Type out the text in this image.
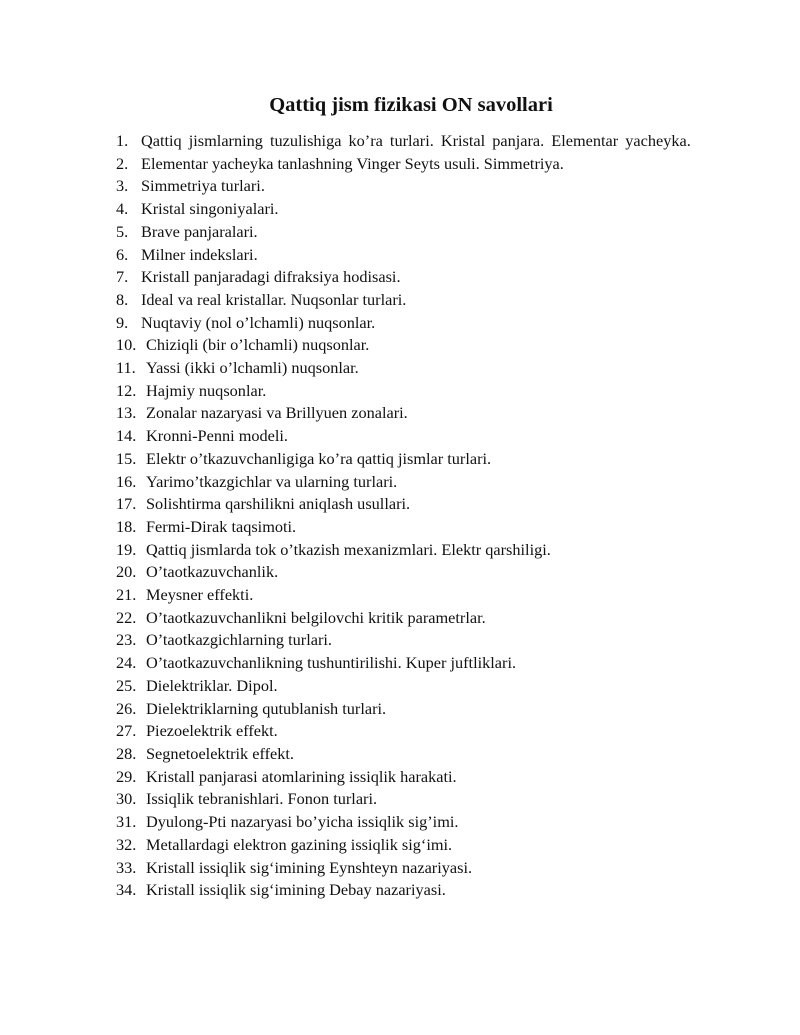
Qattiq jism fizikasi ON savollari
1. Qattiq jismlarning tuzulishiga ko’ra turlari. Kristal panjara. Elementar yacheyka.
2. Elementar yacheyka tanlashning Vinger Seyts usuli. Simmetriya.
3. Simmetriya turlari.
4. Kristal singoniyalari.
5. Brave panjaralari.
6. Milner indekslari.
7. Kristall panjaradagi difraksiya hodisasi.
8. Ideal va real kristallar. Nuqsonlar turlari.
9. Nuqtaviy (nol o’lchamli) nuqsonlar.
10. Chiziqli (bir o’lchamli) nuqsonlar.
11. Yassi (ikki o’lchamli) nuqsonlar.
12. Hajmiy nuqsonlar.
13. Zonalar nazaryasi va Brillyuen zonalari.
14. Kronni-Penni modeli.
15. Elektr o’tkazuvchanligiga ko’ra qattiq jismlar turlari.
16. Yarimo’tkazgichlar va ularning turlari.
17. Solishtirma qarshilikni aniqlash usullari.
18. Fermi-Dirak taqsimoti.
19. Qattiq jismlarda tok o’tkazish mexanizmlari. Elektr qarshiligi.
20. O’taotkazuvchanlik.
21. Meysner effekti.
22. O’taotkazuvchanlikni belgilovchi kritik parametrlar.
23. O’taotkazgichlarning turlari.
24. O’taotkazuvchanlikning tushuntirilishi. Kuper juftliklari.
25. Dielektriklar. Dipol.
26. Dielektriklarning qutublanish turlari.
27. Piezoelektrik effekt.
28. Segnetoelektrik effekt.
29. Kristall panjarasi atomlarining issiqlik harakati.
30. Issiqlik tebranishlari. Fonon turlari.
31. Dyulong-Pti nazaryasi bo’yicha issiqlik sig’imi.
32. Metallardagi elektron gazining issiqlik sig‘imi.
33. Kristall issiqlik sig‘imining Eynshteyn nazariyasi.
34. Kristall issiqlik sig‘imining Debay nazariyasi.
